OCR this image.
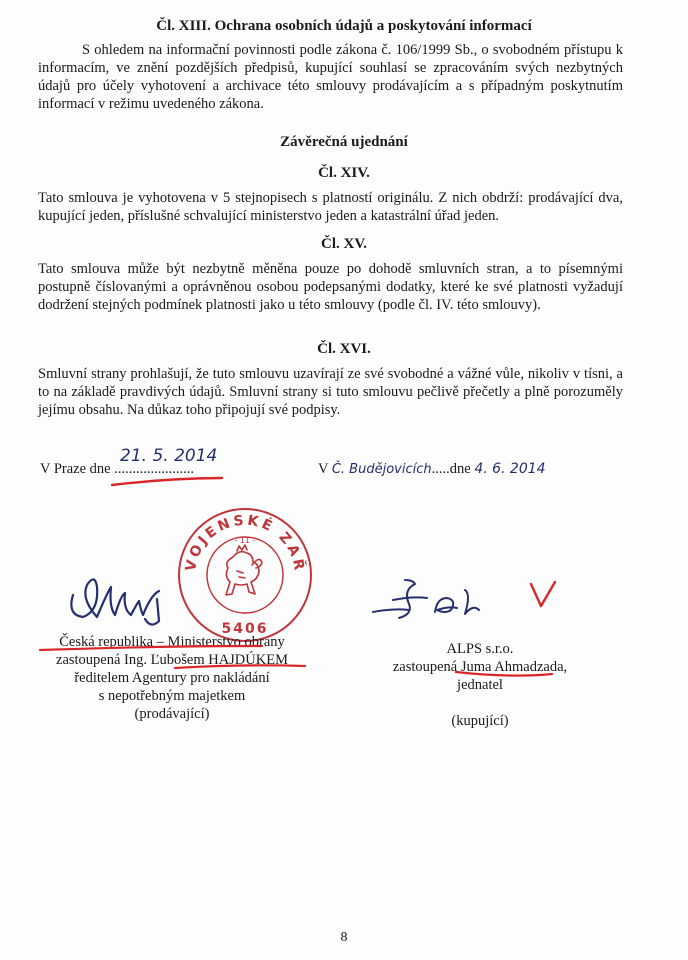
Čl. XIII. Ochrana osobních údajů a poskytování informací

S ohledem na informační povinnosti podle zákona č. 106/1999 Sb., o svobodném přístupu k informacím, ve znění pozdějších předpisů, kupující souhlasí se zpracováním svých nezbytných údajů pro účely vyhotovení a archivace této smlouvy prodávajícím a s případným poskytnutím informací v režimu uvedeného zákona.

Závěrečná ujednání
Čl. XIV.

Tato smlouva je vyhotovena v 5 stejnopisech s platností originálu. Z nich obdrží: prodávající dva, kupující jeden, příslušné schvalující ministerstvo jeden a katastrální úřad jeden.

Čl. XV.

Tato smlouva může být nezbytně měněna pouze po dohodě smluvních stran, a to písemnými postupně číslovanými a oprávněnou osobou podepsanými dodatky, které ke své platnosti vyžadují dodržení stejných podmínek platnosti jako u této smlouvy (podle čl. IV. této smlouvy).

Čl. XVI.

Smluvní strany prohlašují, že tuto smlouvu uzavírají ze své svobodné a vážné vůle, nikoliv v tísni, a to na základě pravdivých údajů. Smluvní strany si tuto smlouvu pečlivě přečetly a plně porozuměly jejímu obsahu. Na důkaz toho připojují své podpisy.

V Praze dne ......................
21. 5. 2014
V Č. Budějovicích.....dne 4. 6. 2014
VOJENSKÉ ZAŘÍZENÍ
- 11 -
5406
Česká republika – Ministerstvo obrany
zastoupená Ing. Ľubošem HAJDÚKEM
ředitelem Agentury pro nakládání
s nepotřebným majetkem
(prodávající)
ALPS s.r.o.
zastoupená Juma Ahmadzada,
jednatel
(kupující)
8
